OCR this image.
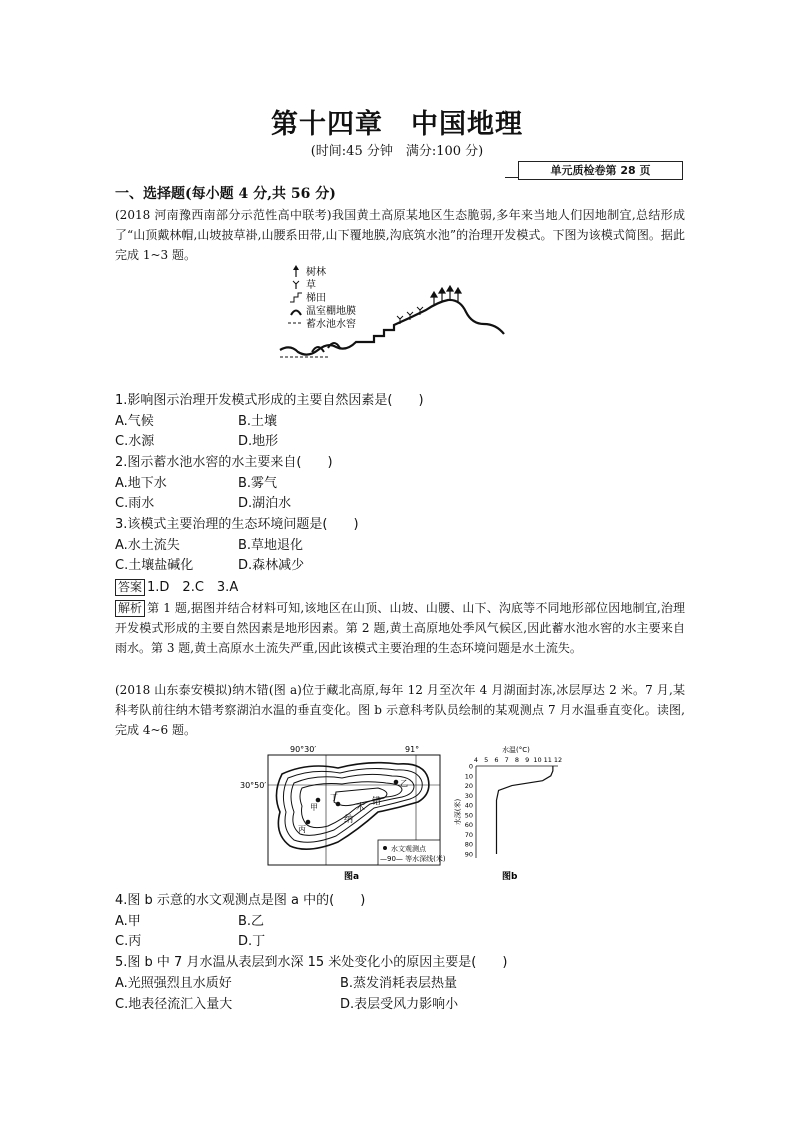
第十四章　中国地理
(时间:45 分钟　满分:100 分)
单元质检卷第 28 页
一、选择题(每小题 4 分,共 56 分)
(2018 河南豫西南部分示范性高中联考)我国黄土高原某地区生态脆弱,多年来当地人们因地制宜,总结形成了“山顶戴林帽,山坡披草褂,山腰系田带,山下覆地膜,沟底筑水池”的治理开发模式。下图为该模式简图。据此完成 1~3 题。
树林
草
梯田
温室棚地膜
蓄水池水窖
1.影响图示治理开发模式形成的主要自然因素是(　　)
A.气候	B.土壤
C.水源	D.地形
2.图示蓄水池水窖的水主要来自(　　)
A.地下水	B.雾气
C.雨水	D.湖泊水
3.该模式主要治理的生态环境问题是(　　)
A.水土流失	B.草地退化
C.土壤盐碱化	D.森林减少
答案 1.D　2.C　3.A
解析 第 1 题,据图并结合材料可知,该地区在山顶、山坡、山腰、山下、沟底等不同地形部位因地制宜,治理开发模式形成的主要自然因素是地形因素。第 2 题,黄土高原地处季风气候区,因此蓄水池水窖的水主要来自雨水。第 3 题,黄土高原水土流失严重,因此该模式主要治理的生态环境问题是水土流失。
(2018 山东泰安模拟)纳木错(图 a)位于藏北高原,每年 12 月至次年 4 月湖面封冻,冰层厚达 2 米。7 月,某科考队前往纳木错考察湖泊水温的垂直变化。图 b 示意科考队员绘制的某观测点 7 月水温垂直变化。读图,完成 4~6 题。
90°30′	91°
30°50′
纳
木
错
甲
乙
丙
丁
水文观测点
—90— 等水深线(米)
图a
水温(°C)
4 5 6 7 8 9 10 11 12
0
10
20
30
40
50
60
70
80
90
水深(米)
图b
4.图 b 示意的水文观测点是图 a 中的(　　)
A.甲	B.乙
C.丙	D.丁
5.图 b 中 7 月水温从表层到水深 15 米处变化小的原因主要是(　　)
A.光照强烈且水质好	B.蒸发消耗表层热量
C.地表径流汇入量大	D.表层受风力影响小
